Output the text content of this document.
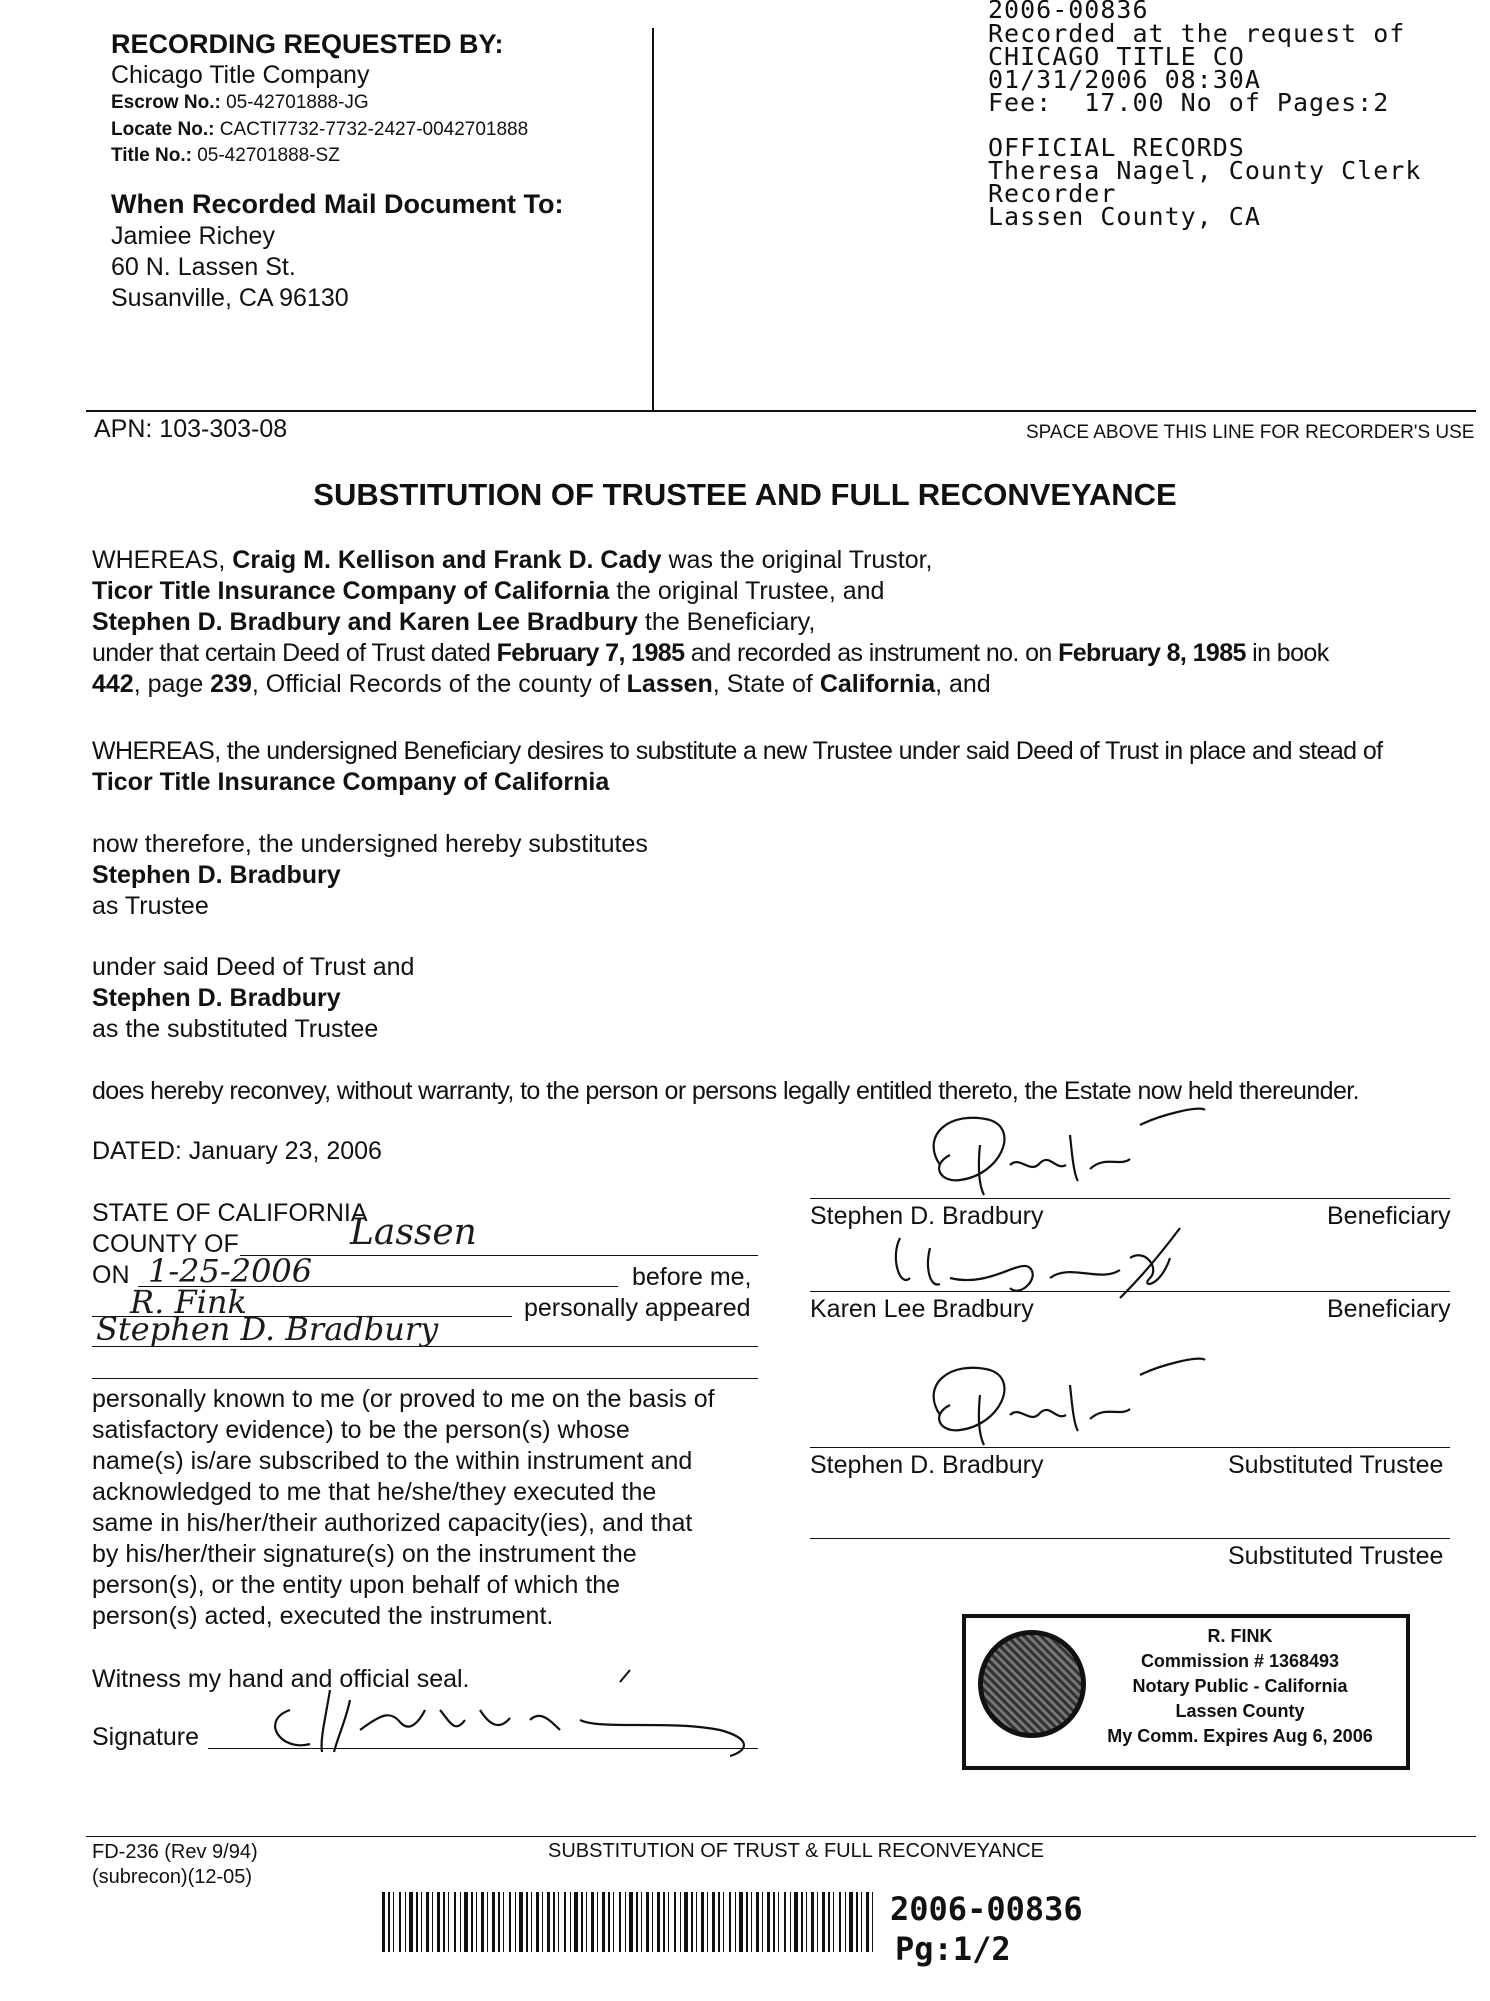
RECORDING REQUESTED BY:
Chicago Title Company
Escrow No.: 05-42701888-JG
Locate No.: CACTI7732-7732-2427-0042701888
Title No.: 05-42701888-SZ
When Recorded Mail Document To:
Jamiee Richey
60 N. Lassen St.
Susanville, CA 96130
APN: 103-303-08	SPACE ABOVE THIS LINE FOR RECORDER'S USE
2006-00836
Recorded at the request of
CHICAGO TITLE CO
01/31/2006 08:30A
Fee:  17.00 No of Pages:2
OFFICIAL RECORDS
Theresa Nagel, County Clerk
Recorder
Lassen County, CA
SUBSTITUTION OF TRUSTEE AND FULL RECONVEYANCE
WHEREAS, Craig M. Kellison and Frank D. Cady was the original Trustor,
Ticor Title Insurance Company of California the original Trustee, and
Stephen D. Bradbury and Karen Lee Bradbury the Beneficiary,
under that certain Deed of Trust dated February 7, 1985 and recorded as instrument no. on February 8, 1985 in book
442, page 239, Official Records of the county of Lassen, State of California, and
WHEREAS, the undersigned Beneficiary desires to substitute a new Trustee under said Deed of Trust in place and stead of
Ticor Title Insurance Company of California
now therefore, the undersigned hereby substitutes
Stephen D. Bradbury
as Trustee
under said Deed of Trust and
Stephen D. Bradbury
as the substituted Trustee
does hereby reconvey, without warranty, to the person or persons legally entitled thereto, the Estate now held thereunder.
DATED: January 23, 2006
STATE OF CALIFORNIA
COUNTY OF	Lassen
ON 1-25-2006	before me,
R. Fink	personally appeared
Stephen D. Bradbury
personally known to me (or proved to me on the basis of
satisfactory evidence) to be the person(s) whose
name(s) is/are subscribed to the within instrument and
acknowledged to me that he/she/they executed the
same in his/her/their authorized capacity(ies), and that
by his/her/their signature(s) on the instrument the
person(s), or the entity upon behalf of which the
person(s) acted, executed the instrument.
Witness my hand and official seal.
Signature
Stephen D. Bradbury	Beneficiary
Karen Lee Bradbury	Beneficiary
Stephen D. Bradbury	Substituted Trustee
Substituted Trustee
R. FINK
Commission # 1368493
Notary Public - California
Lassen County
My Comm. Expires Aug 6, 2006
FD-236 (Rev 9/94)
(subrecon)(12-05)
SUBSTITUTION OF TRUST & FULL RECONVEYANCE
2006-00836
Pg:1/2
